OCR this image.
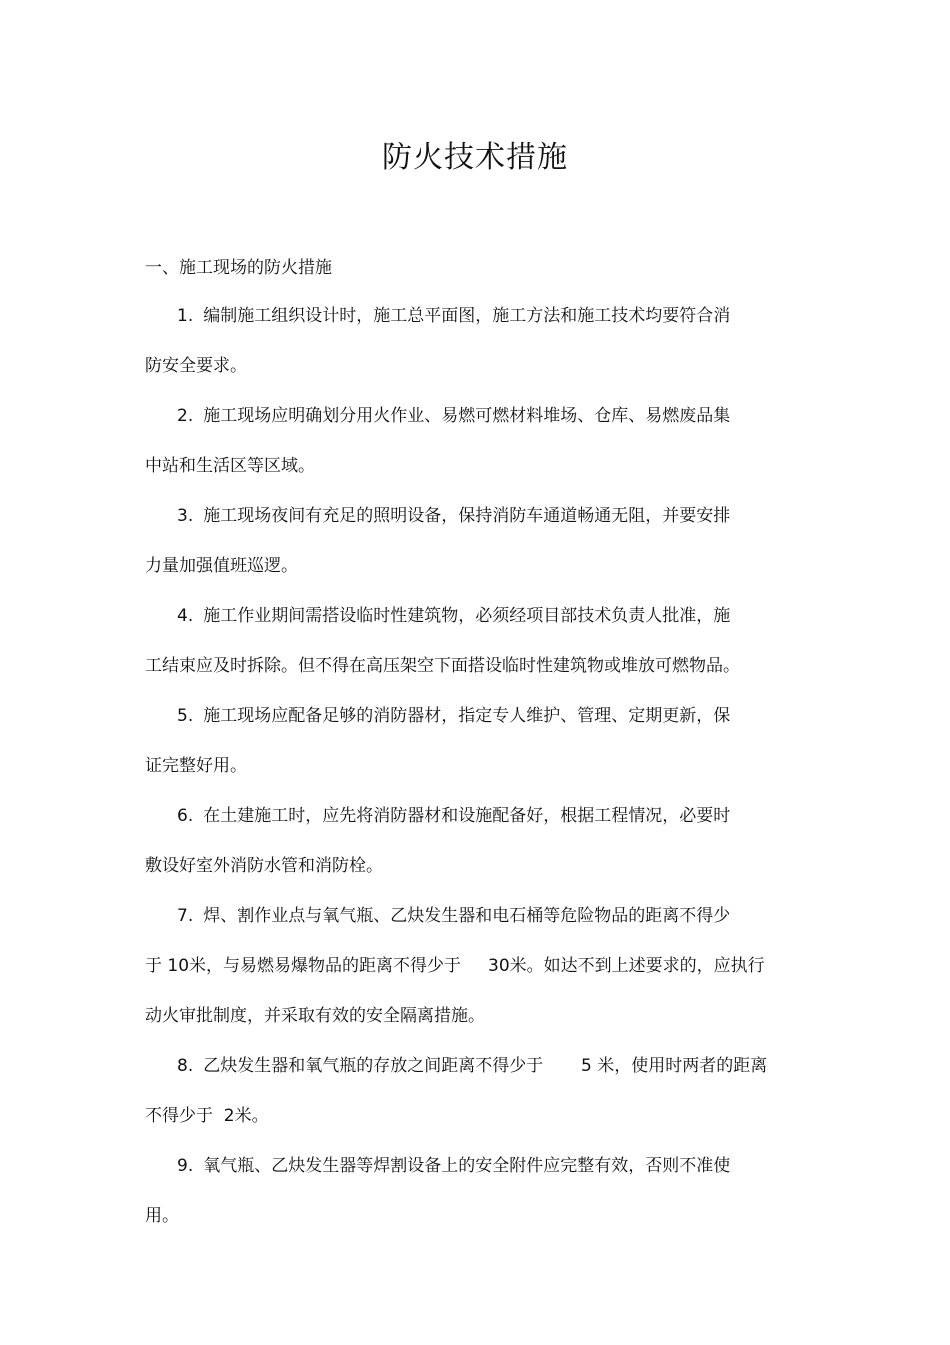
防火技术措施
一、施工现场的防火措施
1. 编制施工组织设计时，施工总平面图，施工方法和施工技术均要符合消
防安全要求。
2. 施工现场应明确划分用火作业、易燃可燃材料堆场、仓库、易燃废品集
中站和生活区等区域。
3. 施工现场夜间有充足的照明设备，保持消防车通道畅通无阻，并要安排
力量加强值班巡逻。
4. 施工作业期间需搭设临时性建筑物，必须经项目部技术负责人批准，施
工结束应及时拆除。但不得在高压架空下面搭设临时性建筑物或堆放可燃物品。
5. 施工现场应配备足够的消防器材，指定专人维护、管理、定期更新，保
证完整好用。
6. 在土建施工时，应先将消防器材和设施配备好，根据工程情况，必要时
敷设好室外消防水管和消防栓。
7. 焊、割作业点与氧气瓶、乙炔发生器和电石桶等危险物品的距离不得少
于 10米，与易燃易爆物品的距离不得少于     30米。如达不到上述要求的，应执行
动火审批制度，并采取有效的安全隔离措施。
8. 乙炔发生器和氧气瓶的存放之间距离不得少于       5 米，使用时两者的距离
不得少于  2米。
9. 氧气瓶、乙炔发生器等焊割设备上的安全附件应完整有效，否则不准使
用。
